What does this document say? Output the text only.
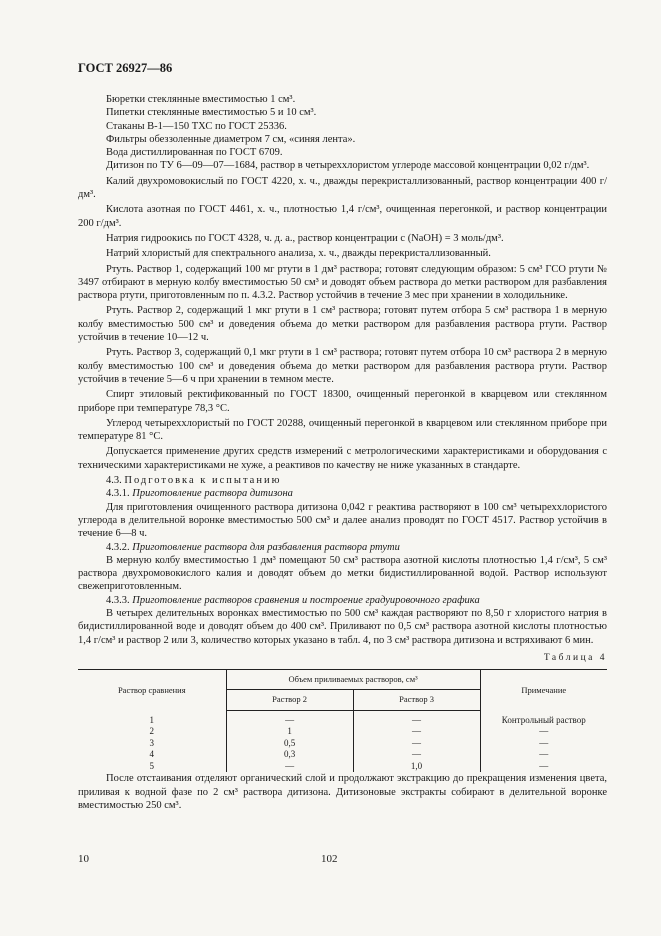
ГОСТ 26927—86

Бюретки стеклянные вместимостью 1 см³.

Пипетки стеклянные вместимостью 5 и 10 см³.

Стаканы В-1—150 ТХС по ГОСТ 25336.

Фильтры обеззоленные диаметром 7 см, «синяя лента».

Вода дистиллированная по ГОСТ 6709.

Дитизон по ТУ 6—09—07—1684, раствор в четыреххлористом углероде массовой концентрации 0,02 г/дм³.

Калий двухромовокислый по ГОСТ 4220, х. ч., дважды перекристаллизованный, раствор концентрации 400 г/дм³.

Кислота азотная по ГОСТ 4461, х. ч., плотностью 1,4 г/см³, очищенная перегонкой, и раствор концентрации 200 г/дм³.

Натрия гидроокись по ГОСТ 4328, ч. д. а., раствор концентрации c (NaOH) = 3 моль/дм³.

Натрий хлористый для спектрального анализа, х. ч., дважды перекристаллизованный.

Ртуть. Раствор 1, содержащий 100 мг ртути в 1 дм³ раствора; готовят следующим образом: 5 см³ ГСО ртути № 3497 отбирают в мерную колбу вместимостью 50 см³ и доводят объем раствора до метки раствором для разбавления раствора ртути, приготовленным по п. 4.3.2. Раствор устойчив в течение 3 мес при хранении в холодильнике.

Ртуть. Раствор 2, содержащий 1 мкг ртути в 1 см³ раствора; готовят путем отбора 5 см³ раствора 1 в мерную колбу вместимостью 500 см³ и доведения объема до метки раствором для разбавления раствора ртути. Раствор устойчив в течение 10—12 ч.

Ртуть. Раствор 3, содержащий 0,1 мкг ртути в 1 см³ раствора; готовят путем отбора 10 см³ раствора 2 в мерную колбу вместимостью 100 см³ и доведения объема до метки раствором для разбавления раствора ртути. Раствор устойчив в течение 5—6 ч при хранении в темном месте.

Спирт этиловый ректификованный по ГОСТ 18300, очищенный перегонкой в кварцевом или стеклянном приборе при температуре 78,3 °С.

Углерод четыреххлористый по ГОСТ 20288, очищенный перегонкой в кварцевом или стеклянном приборе при температуре 81 °С.

Допускается применение других средств измерений с метрологическими характеристиками и оборудования с техническими характеристиками не хуже, а реактивов по качеству не ниже указанных в стандарте.

4.3. Подготовка к испытанию

4.3.1. Приготовление раствора дитизона

Для приготовления очищенного раствора дитизона 0,042 г реактива растворяют в 100 см³ четыреххлористого углерода в делительной воронке вместимостью 500 см³ и далее анализ проводят по ГОСТ 4517. Раствор устойчив в течение 6—8 ч.

4.3.2. Приготовление раствора для разбавления раствора ртути

В мерную колбу вместимостью 1 дм³ помещают 50 см³ раствора азотной кислоты плотностью 1,4 г/см³, 5 см³ раствора двухромовокислого калия и доводят объем до метки бидистиллированной водой. Раствор используют свежеприготовленным.

4.3.3. Приготовление растворов сравнения и построение градуировочного графика

В четырех делительных воронках вместимостью по 500 см³ каждая растворяют по 8,50 г хлористого натрия в бидистиллированной воде и доводят объем до 400 см³. Приливают по 0,5 см³ раствора азотной кислоты плотностью 1,4 г/см³ и раствор 2 или 3, количество которых указано в табл. 4, по 3 см³ раствора дитизона и встряхивают 6 мин.

Таблица 4
Раствор сравнения	Объем приливаемых растворов, см³		Примечание
	Раствор 2	Раствор 3	
1	—	—	Контрольный раствор
2	1	—	—
3	0,5	—	—
4	0,3	—	—
5	—	1,0	—

После отстаивания отделяют органический слой и продолжают экстракцию до прекращения изменения цвета, приливая к водной фазе по 2 см³ раствора дитизона. Дитизоновые экстракты собирают в делительной воронке вместимостью 250 см³.

10	102
